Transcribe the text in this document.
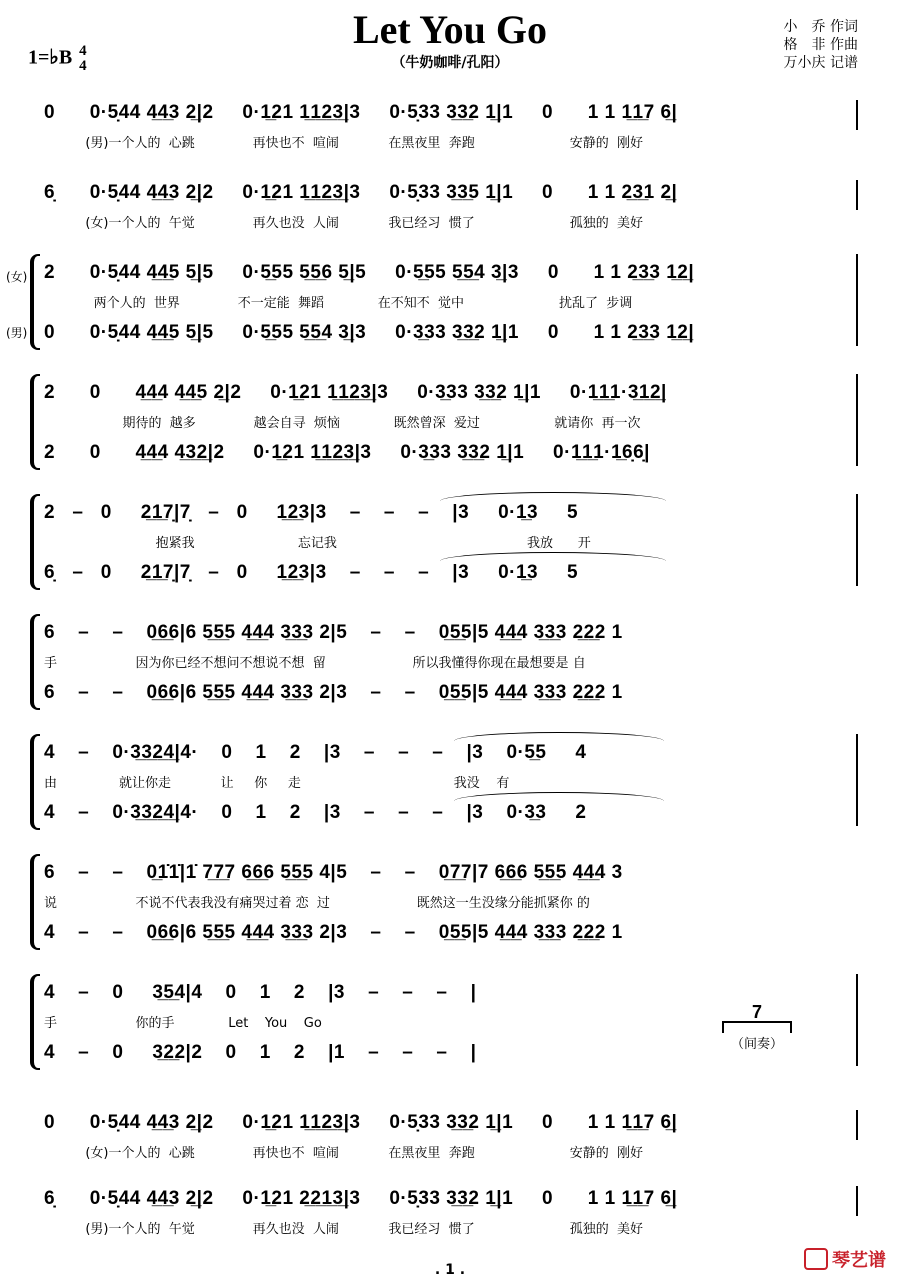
Let You Go
（牛奶咖啡/孔阳）
1=♭B 4
4
小　乔 作词
格　非 作曲
万小庆 记谱
0      0·5̣44 4̲4̲3 2̲|2     0·1̲21 1̲1̲2̲3̲|3     0·5̣33 3̲3̲2 1̲|1     0      1 1 1̲1̲7 6̲|
(男)一个人的  心跳              再快也不  喧闹            在黑夜里  奔跑                       安静的  刚好
6̣      0·5̣44 4̲4̲3 2̲|2     0·1̲21 1̲1̲2̲3̲|3     0·5̣33 3̲3̲5 1̲|1     0      1 1 2̲3̲1 2̲|
(女)一个人的  午觉              再久也没  人闹            我已经习  惯了                       孤独的  美好
(女) 2      0·5̣44 4̲4̲5 5̲|5     0·5̲55 5̲5̲6 5̲|5     0·5̲55 5̲5̲4 3̲|3     0      1 1 2̲3̲3 1̲2̲|
两个人的  世界              不一定能  舞蹈             在不知不  觉中                       扰乱了  步调
(男) 0      0·5̣44 4̲4̲5 5̲|5     0·5̲55 5̲5̲4 3̲|3     0·3̲33 3̲3̲2 1̲|1     0      1 1 2̲3̲3 1̲2̲|
2      0      4̲4̲4 4̲4̲5 2̲|2     0·1̲21 1̲1̲2̲3̲|3     0·3̲33 3̲3̲2 1̲|1     0·1̲1̲1·3̲1̲2̲|
期待的  越多              越会自寻  烦恼             既然曾深  爱过                  就请你  再一次
2      0      4̲4̲4 4̲3̲2̲|2     0·1̲21 1̲1̲2̲3̲|3     0·3̲33 3̲3̲2 1̲|1     0·1̲1̲1·1̲6̣6̣|
2   –   0     2̲1̲7̣|7̣   –   0     1̲2̲3|3    –    –    –    |3     0·1̲3     5
抱紧我                         忘记我                                              我放      开
6̣   –   0     2̲1̲7̣|7̣   –   0     1̲2̲3|3    –    –    –    |3     0·1̲3     5
6    –    –    0̲6̲6|6 5̲5̲5 4̲4̲4 3̲3̲3 2|5    –    –    0̲5̲5|5 4̲4̲4 3̲3̲3 2̲2̲2 1
手                   因为你已经不想问不想说不想  留                     所以我懂得你现在最想要是 自
6    –    –    0̲6̲6|6 5̲5̲5 4̲4̲4 3̲3̲3 2|3    –    –    0̲5̲5|5 4̲4̲4 3̲3̲3 2̲2̲2 1
4    –    0·3̲3̲2̲4̲|4·    0    1    2    |3    –    –    –    |3    0·5̲5     4
由               就让你走            让     你     走                                     我没    有
4    –    0·3̲3̲2̲4̲|4·    0    1    2    |3    –    –    –    |3    0·3̲3     2
6    –    –    0̲1̇1̇|1̇ 7̲7̲7 6̲6̲6 5̲5̲5 4|5    –    –    0̲7̲7|7 6̲6̲6 5̲5̲5 4̲4̲4 3
说                   不说不代表我没有痛哭过着 恋  过                     既然这一生没缘分能抓紧你 的
4    –    –    0̲6̲6|6 5̲5̲5 4̲4̲4 3̲3̲3 2|3    –    –    0̲5̲5|5 4̲4̲4 3̲3̲3 2̲2̲2 1
4    –    0     3̲5̲4|4    0    1    2    |3    –    –    –    |
手                   你的手             Let    You    Go
4    –    0     3̲2̲2|2    0    1    2    |1    –    –    –    |
7
（间奏）
0      0·5̣44 4̲4̲3 2̲|2     0·1̲21 1̲1̲2̲3̲|3     0·5̣33 3̲3̲2 1̲|1     0      1 1 1̲1̲7 6̲|
(女)一个人的  心跳              再快也不  喧闹            在黑夜里  奔跑                       安静的  刚好
6̣      0·5̣44 4̲4̲3 2̲|2     0·1̲21 2̲2̲1̲3̲|3     0·5̣33 3̲3̲2 1̲|1     0      1 1 1̲1̲7 6̲|
(男)一个人的  午觉              再久也没  人闹            我已经习  惯了                       孤独的  美好
. 1 .	琴艺谱
